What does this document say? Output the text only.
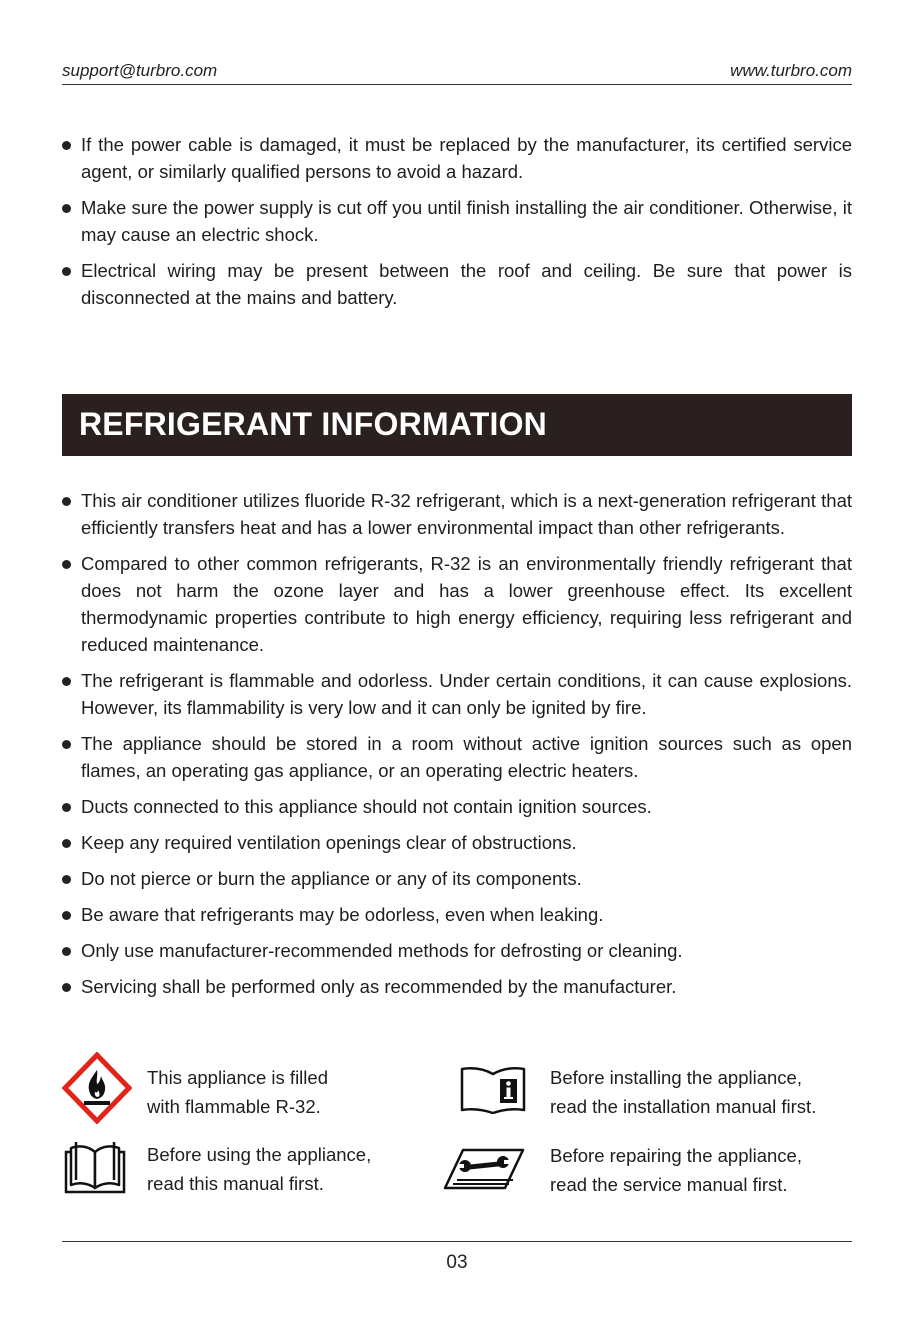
support@turbro.com	www.turbro.com
If the power cable is damaged, it must be replaced by the manufacturer, its certified service agent, or similarly qualified persons to avoid a hazard.
Make sure the power supply is cut off you until finish installing the air conditioner. Otherwise, it may cause an electric shock.
Electrical wiring may be present between the roof and ceiling. Be sure that power is disconnected at the mains and battery.
REFRIGERANT INFORMATION
This air conditioner utilizes fluoride R-32 refrigerant, which is a next-generation refrigerant that efficiently transfers heat and has a lower environmental impact than other refrigerants.
Compared to other common refrigerants, R-32 is an environmentally friendly refrigerant that does not harm the ozone layer and has a lower greenhouse effect. Its excellent thermodynamic properties contribute to high energy efficiency, requiring less refrigerant and reduced maintenance.
The refrigerant is flammable and odorless. Under certain conditions, it can cause explosions. However, its flammability is very low and it can only be ignited by fire.
The appliance should be stored in a room without active ignition sources such as open flames, an operating gas appliance, or an operating electric heaters.
Ducts connected to this appliance should not contain ignition sources.
Keep any required ventilation openings clear of obstructions.
Do not pierce or burn the appliance or any of its components.
Be aware that refrigerants may be odorless, even when leaking.
Only use manufacturer-recommended methods for defrosting or cleaning.
Servicing shall be performed only as recommended by the manufacturer.
This appliance is filled
with flammable R-32.
Before installing the appliance,
read the installation manual first.
Before using the appliance,
read this manual first.
Before repairing the appliance,
read the service manual first.
03
